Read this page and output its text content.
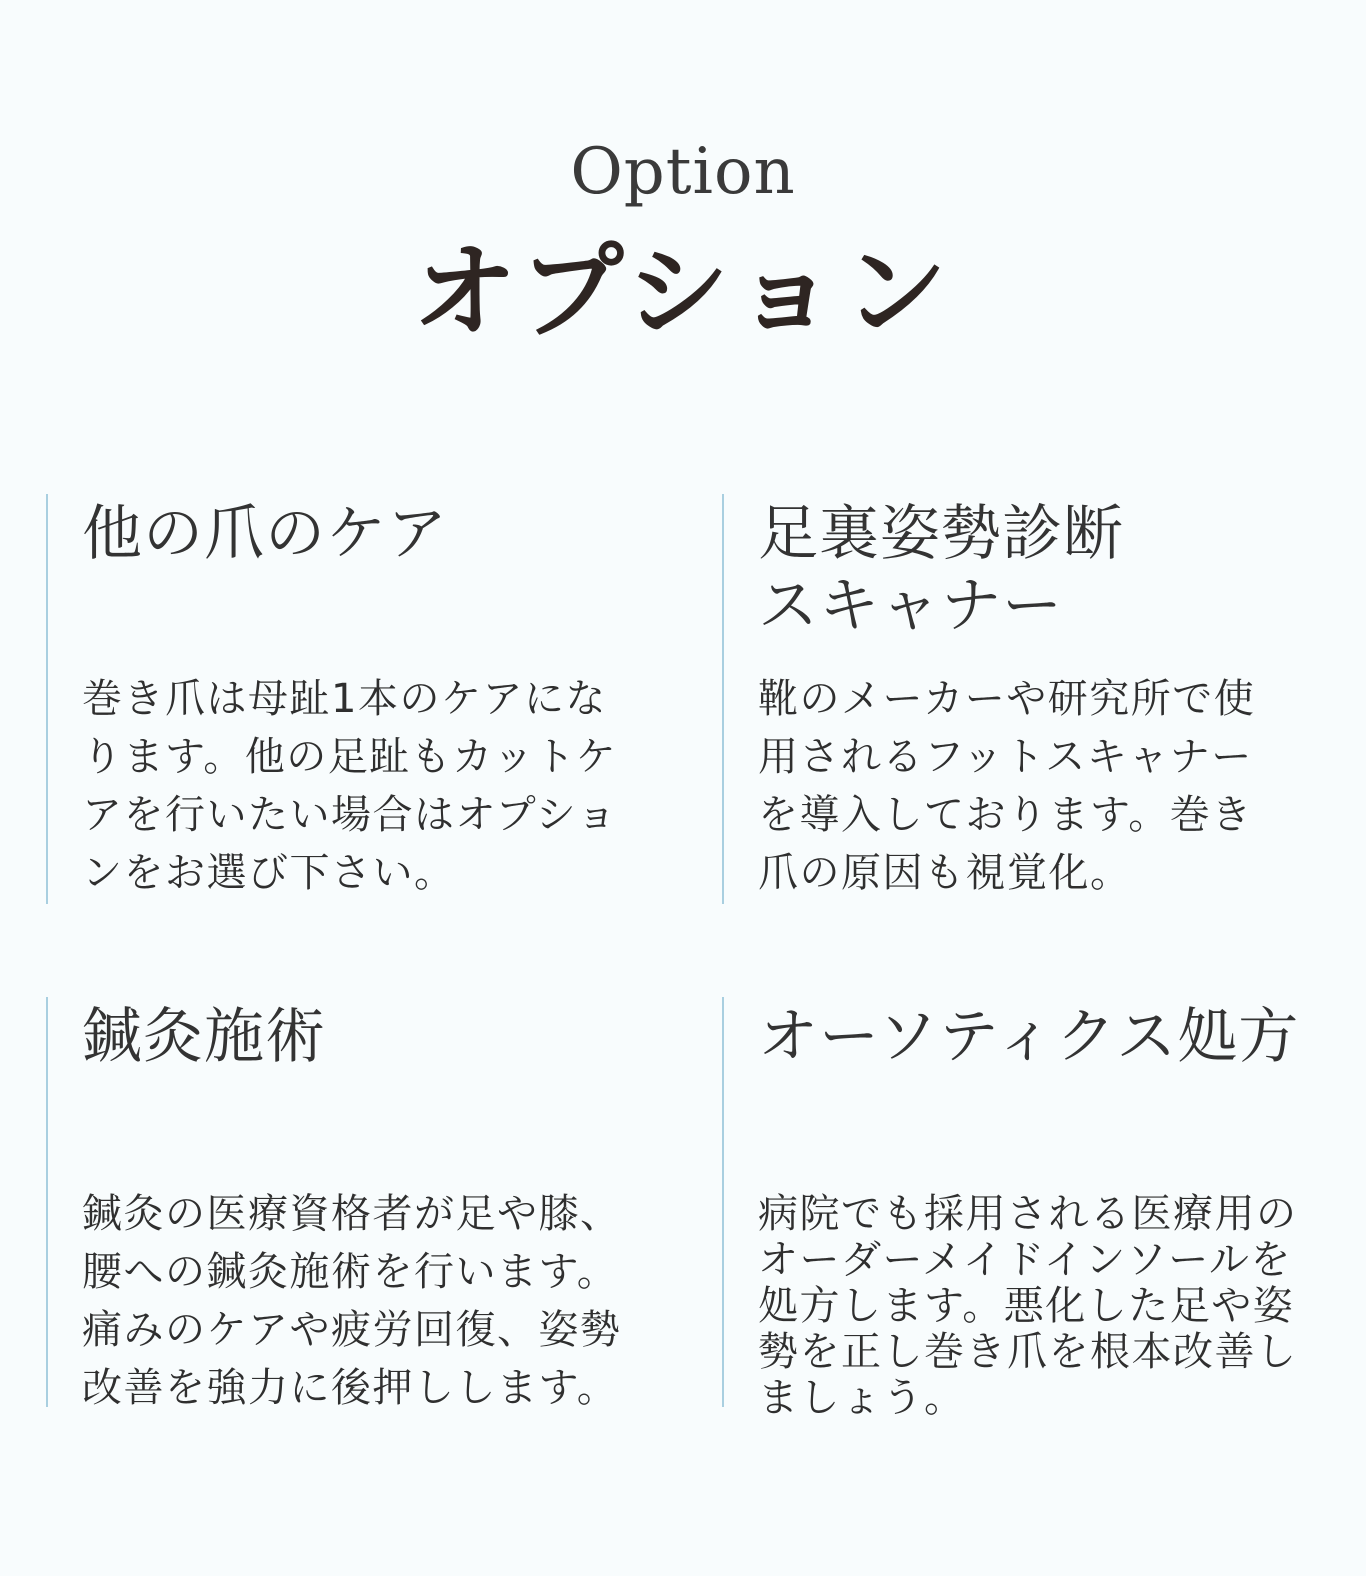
Option
オプション
他の爪のケア

巻き爪は母趾1本のケアにな
ります。他の足趾もカットケ
アを行いたい場合はオプショ
ンをお選び下さい。

足裏姿勢診断
スキャナー

靴のメーカーや研究所で使
用されるフットスキャナー
を導入しております。巻き
爪の原因も視覚化。

鍼灸施術

鍼灸の医療資格者が足や膝、
腰への鍼灸施術を行います。
痛みのケアや疲労回復、姿勢
改善を強力に後押しします。

オーソティクス処方

病院でも採用される医療用の
オーダーメイドインソールを
処方します。悪化した足や姿
勢を正し巻き爪を根本改善し
ましょう。
